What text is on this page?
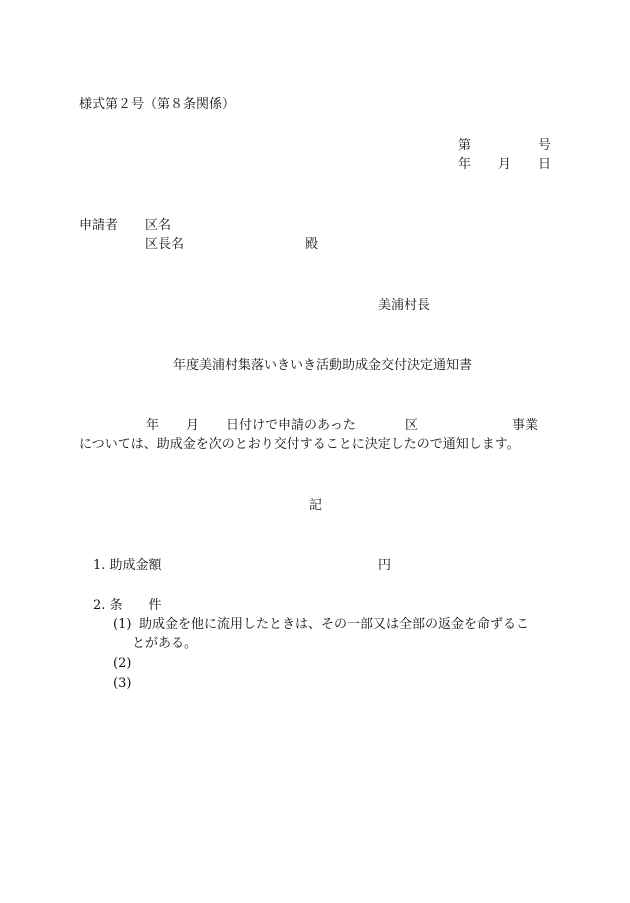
様式第２号（第８条関係）
第	号
年 月 日
申請者 区名
区長名	殿
美浦村長
年度美浦村集落いきいき活動助成金交付決定通知書
年 月 日付けで申請のあった	区	事業
については、助成金を次のとおり交付することに決定したので通知します。
記
1. 助成金額	円
2. 条　　件
(1) 助成金を他に流用したときは、その一部又は全部の返金を命ずるこ
とがある。
(2)
(3)
